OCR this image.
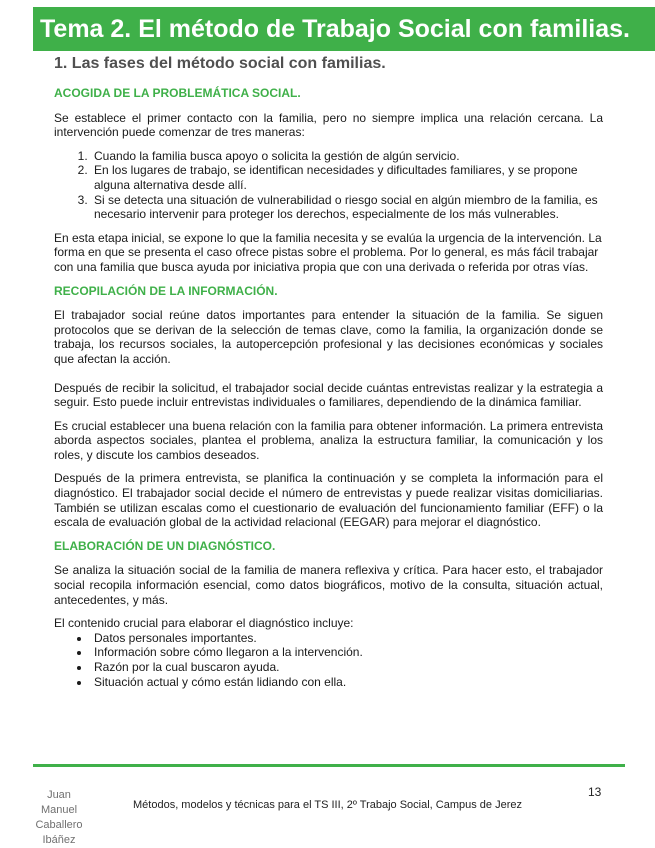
Tema 2. El método de Trabajo Social con familias.
1. Las fases del método social con familias.
ACOGIDA DE LA PROBLEMÁTICA SOCIAL.

Se establece el primer contacto con la familia, pero no siempre implica una relación cercana. La intervención puede comenzar de tres maneras:

1. Cuando la familia busca apoyo o solicita la gestión de algún servicio.
2. En los lugares de trabajo, se identifican necesidades y dificultades familiares, y se propone alguna alternativa desde allí.
3. Si se detecta una situación de vulnerabilidad o riesgo social en algún miembro de la familia, es necesario intervenir para proteger los derechos, especialmente de los más vulnerables.

En esta etapa inicial, se expone lo que la familia necesita y se evalúa la urgencia de la intervención. La forma en que se presenta el caso ofrece pistas sobre el problema. Por lo general, es más fácil trabajar con una familia que busca ayuda por iniciativa propia que con una derivada o referida por otras vías.

RECOPILACIÓN DE LA INFORMACIÓN.

El trabajador social reúne datos importantes para entender la situación de la familia. Se siguen protocolos que se derivan de la selección de temas clave, como la familia, la organización donde se trabaja, los recursos sociales, la autopercepción profesional y las decisiones económicas y sociales que afectan la acción.

Después de recibir la solicitud, el trabajador social decide cuántas entrevistas realizar y la estrategia a seguir. Esto puede incluir entrevistas individuales o familiares, dependiendo de la dinámica familiar.

Es crucial establecer una buena relación con la familia para obtener información. La primera entrevista aborda aspectos sociales, plantea el problema, analiza la estructura familiar, la comunicación y los roles, y discute los cambios deseados.

Después de la primera entrevista, se planifica la continuación y se completa la información para el diagnóstico. El trabajador social decide el número de entrevistas y puede realizar visitas domiciliarias. También se utilizan escalas como el cuestionario de evaluación del funcionamiento familiar (EFF) o la escala de evaluación global de la actividad relacional (EEGAR) para mejorar el diagnóstico.

ELABORACIÓN DE UN DIAGNÓSTICO.

Se analiza la situación social de la familia de manera reflexiva y crítica. Para hacer esto, el trabajador social recopila información esencial, como datos biográficos, motivo de la consulta, situación actual, antecedentes, y más.

El contenido crucial para elaborar el diagnóstico incluye:

• Datos personales importantes.
• Información sobre cómo llegaron a la intervención.
• Razón por la cual buscaron ayuda.
• Situación actual y cómo están lidiando con ella.
Juan Manuel
Caballero
Ibáñez
Métodos, modelos y técnicas para el TS III, 2º Trabajo Social, Campus de Jerez
13
